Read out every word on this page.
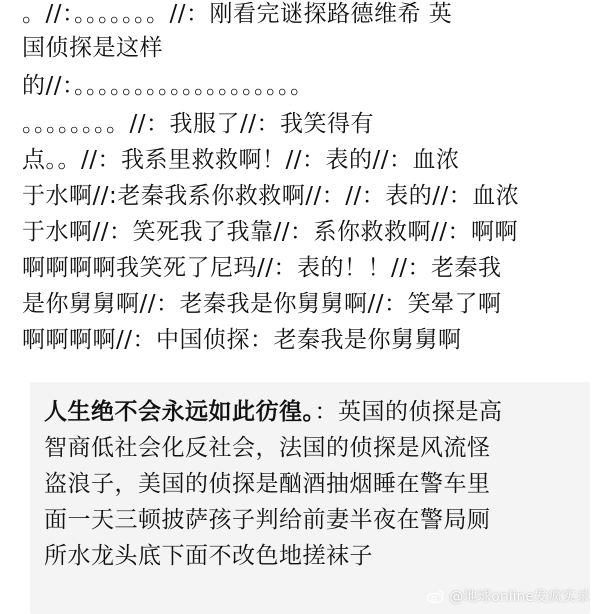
。//：。。。。。。。//：刚看完谜探路德维希 英
国侦探是这样
的//：。。。。。。。。。。。。。。。。。。。
。。。。。。。。//：我服了//：我笑得有
点。。//：我系里救救啊！//：表的//：血浓
于水啊//:老秦我系你救救啊//：//：表的//：血浓
于水啊//：笑死我了我靠//：系你救救啊//：啊啊
啊啊啊啊我笑死了尼玛//：表的！！//：老秦我
是你舅舅啊//：老秦我是你舅舅啊//：笑晕了啊
啊啊啊啊//：中国侦探：老秦我是你舅舅啊
人生绝不会永远如此彷徨。：英国的侦探是高
智商低社会化反社会，法国的侦探是风流怪
盗浪子，美国的侦探是酗酒抽烟睡在警车里
面一天三顿披萨孩子判给前妻半夜在警局厕
所水龙头底下面不改色地搓袜子
@地球online发疯实录
